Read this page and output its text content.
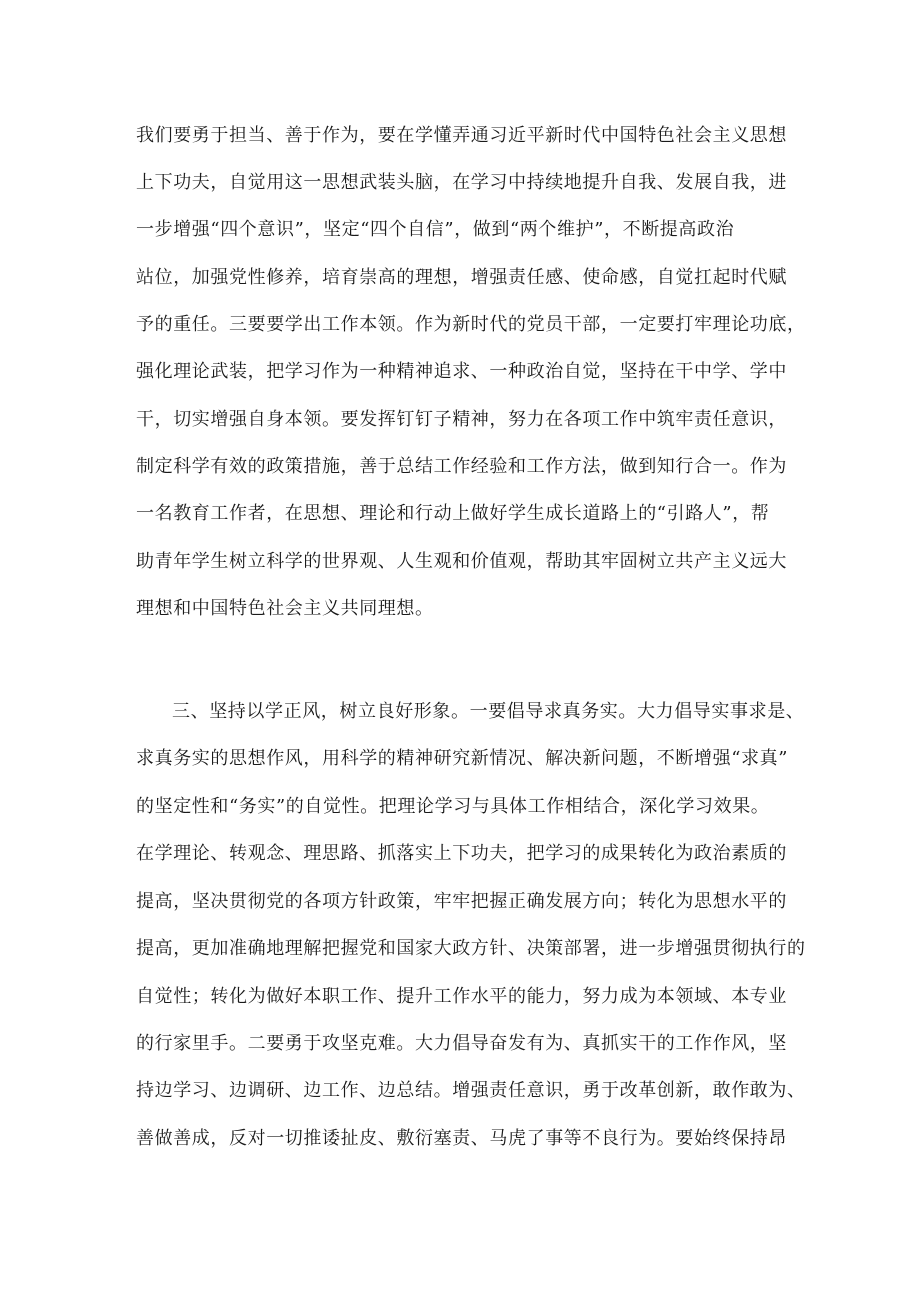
我们要勇于担当、善于作为，要在学懂弄通习近平新时代中国特色社会主义思想

上下功夫，自觉用这一思想武装头脑，在学习中持续地提升自我、发展自我，进

一步增强“四个意识”，坚定“四个自信”，做到“两个维护”，不断提高政治

站位，加强党性修养，培育崇高的理想，增强责任感、使命感，自觉扛起时代赋

予的重任。三要要学出工作本领。作为新时代的党员干部，一定要打牢理论功底，

强化理论武装，把学习作为一种精神追求、一种政治自觉，坚持在干中学、学中

干，切实增强自身本领。要发挥钉钉子精神，努力在各项工作中筑牢责任意识，

制定科学有效的政策措施，善于总结工作经验和工作方法，做到知行合一。作为

一名教育工作者，在思想、理论和行动上做好学生成长道路上的“引路人”，帮

助青年学生树立科学的世界观、人生观和价值观，帮助其牢固树立共产主义远大

理想和中国特色社会主义共同理想。

三、坚持以学正风，树立良好形象。一要倡导求真务实。大力倡导实事求是、

求真务实的思想作风，用科学的精神研究新情况、解决新问题，不断增强“求真”

的坚定性和“务实”的自觉性。把理论学习与具体工作相结合，深化学习效果。

在学理论、转观念、理思路、抓落实上下功夫，把学习的成果转化为政治素质的

提高，坚决贯彻党的各项方针政策，牢牢把握正确发展方向；转化为思想水平的

提高，更加准确地理解把握党和国家大政方针、决策部署，进一步增强贯彻执行的

自觉性；转化为做好本职工作、提升工作水平的能力，努力成为本领域、本专业

的行家里手。二要勇于攻坚克难。大力倡导奋发有为、真抓实干的工作作风，坚

持边学习、边调研、边工作、边总结。增强责任意识，勇于改革创新，敢作敢为、

善做善成，反对一切推诿扯皮、敷衍塞责、马虎了事等不良行为。要始终保持昂
